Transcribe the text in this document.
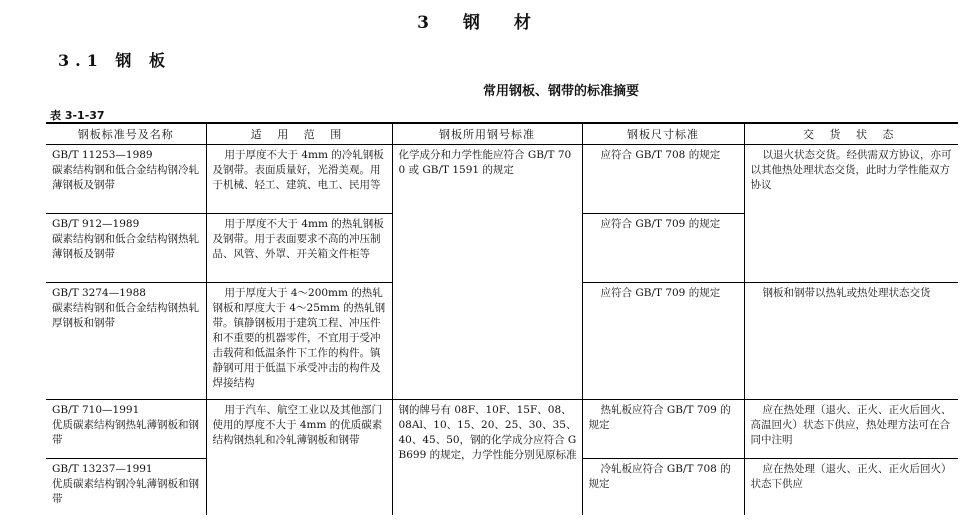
3 钢 材
3.1 钢 板
常用钢板、钢带的标准摘要
表 3-1-37
钢板标准号及名称	适 用 范 围	钢板所用钢号标准	钢板尺寸标准	交 货 状 态

GB/T 11253—1989
碳素结构钢和低合金结构钢冷轧薄钢板及钢带	用于厚度不大于 4mm 的冷轧钢板及钢带。表面质量好，光滑美观。用于机械、轻工、建筑、电工、民用等	化学成分和力学性能应符合 GB/T 700 或 GB/T 1591 的规定	应符合 GB/T 708 的规定	以退火状态交货。经供需双方协议，亦可以其他热处理状态交货，此时力学性能双方协议

GB/T 912—1989
碳素结构钢和低合金结构钢热轧薄钢板及钢带	用于厚度不大于 4mm 的热轧钢板及钢带。用于表面要求不高的冲压制品、风管、外罩、开关箱文件柜等		应符合 GB/T 709 的规定	

GB/T 3274—1988
碳素结构钢和低合金结构钢热轧厚钢板和钢带	用于厚度大于 4～200mm 的热轧钢板和厚度大于 4～25mm 的热轧钢带。镇静钢板用于建筑工程、冲压件和不重要的机器零件，不宜用于受冲击载荷和低温条件下工作的构件。镇静钢可用于低温下承受冲击的构件及焊接结构		应符合 GB/T 709 的规定	钢板和钢带以热轧或热处理状态交货

GB/T 710—1991
优质碳素结构钢热轧薄钢板和钢带	用于汽车、航空工业以及其他部门使用的厚度不大于 4mm 的优质碳素结构钢热轧和冷轧薄钢板和钢带	钢的牌号有 08F、10F、15F、08、08Al、10、15、20、25、30、35、40、45、50，钢的化学成分应符合 GB699 的规定，力学性能分别见原标准	热轧板应符合 GB/T 709 的规定	应在热处理（退火、正火、正火后回火、高温回火）状态下供应，热处理方法可在合同中注明

GB/T 13237—1991
优质碳素结构钢冷轧薄钢板和钢带			冷轧板应符合 GB/T 708 的规定	应在热处理（退火、正火、正火后回火）状态下供应
